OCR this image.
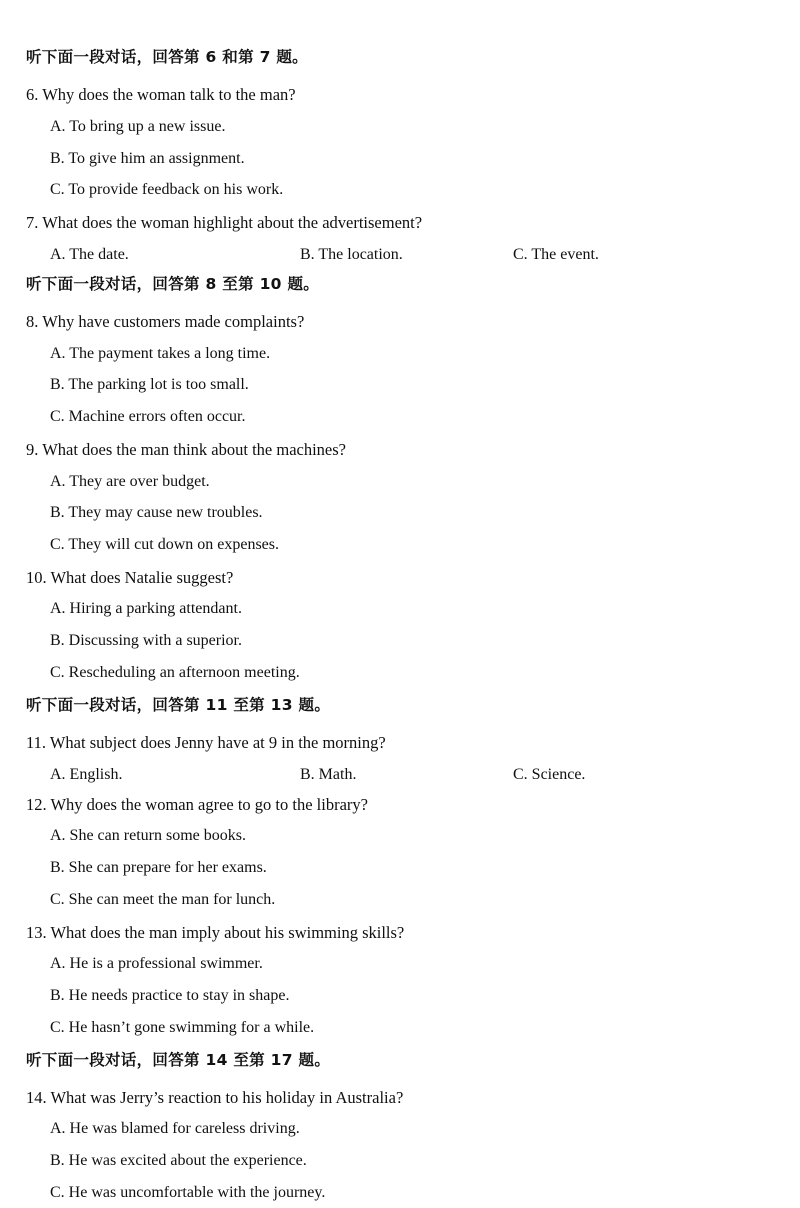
听下面一段对话，回答第 6 和第 7 题。
6. Why does the woman talk to the man?
A. To bring up a new issue.
B. To give him an assignment.
C. To provide feedback on his work.
7. What does the woman highlight about the advertisement?
A. The date.	B. The location.	C. The event.
听下面一段对话，回答第 8 至第 10 题。
8. Why have customers made complaints?
A. The payment takes a long time.
B. The parking lot is too small.
C. Machine errors often occur.
9. What does the man think about the machines?
A. They are over budget.
B. They may cause new troubles.
C. They will cut down on expenses.
10. What does Natalie suggest?
A. Hiring a parking attendant.
B. Discussing with a superior.
C. Rescheduling an afternoon meeting.
听下面一段对话，回答第 11 至第 13 题。
11. What subject does Jenny have at 9 in the morning?
A. English.	B. Math.	C. Science.
12. Why does the woman agree to go to the library?
A. She can return some books.
B. She can prepare for her exams.
C. She can meet the man for lunch.
13. What does the man imply about his swimming skills?
A. He is a professional swimmer.
B. He needs practice to stay in shape.
C. He hasn’t gone swimming for a while.
听下面一段对话，回答第 14 至第 17 题。
14. What was Jerry’s reaction to his holiday in Australia?
A. He was blamed for careless driving.
B. He was excited about the experience.
C. He was uncomfortable with the journey.
